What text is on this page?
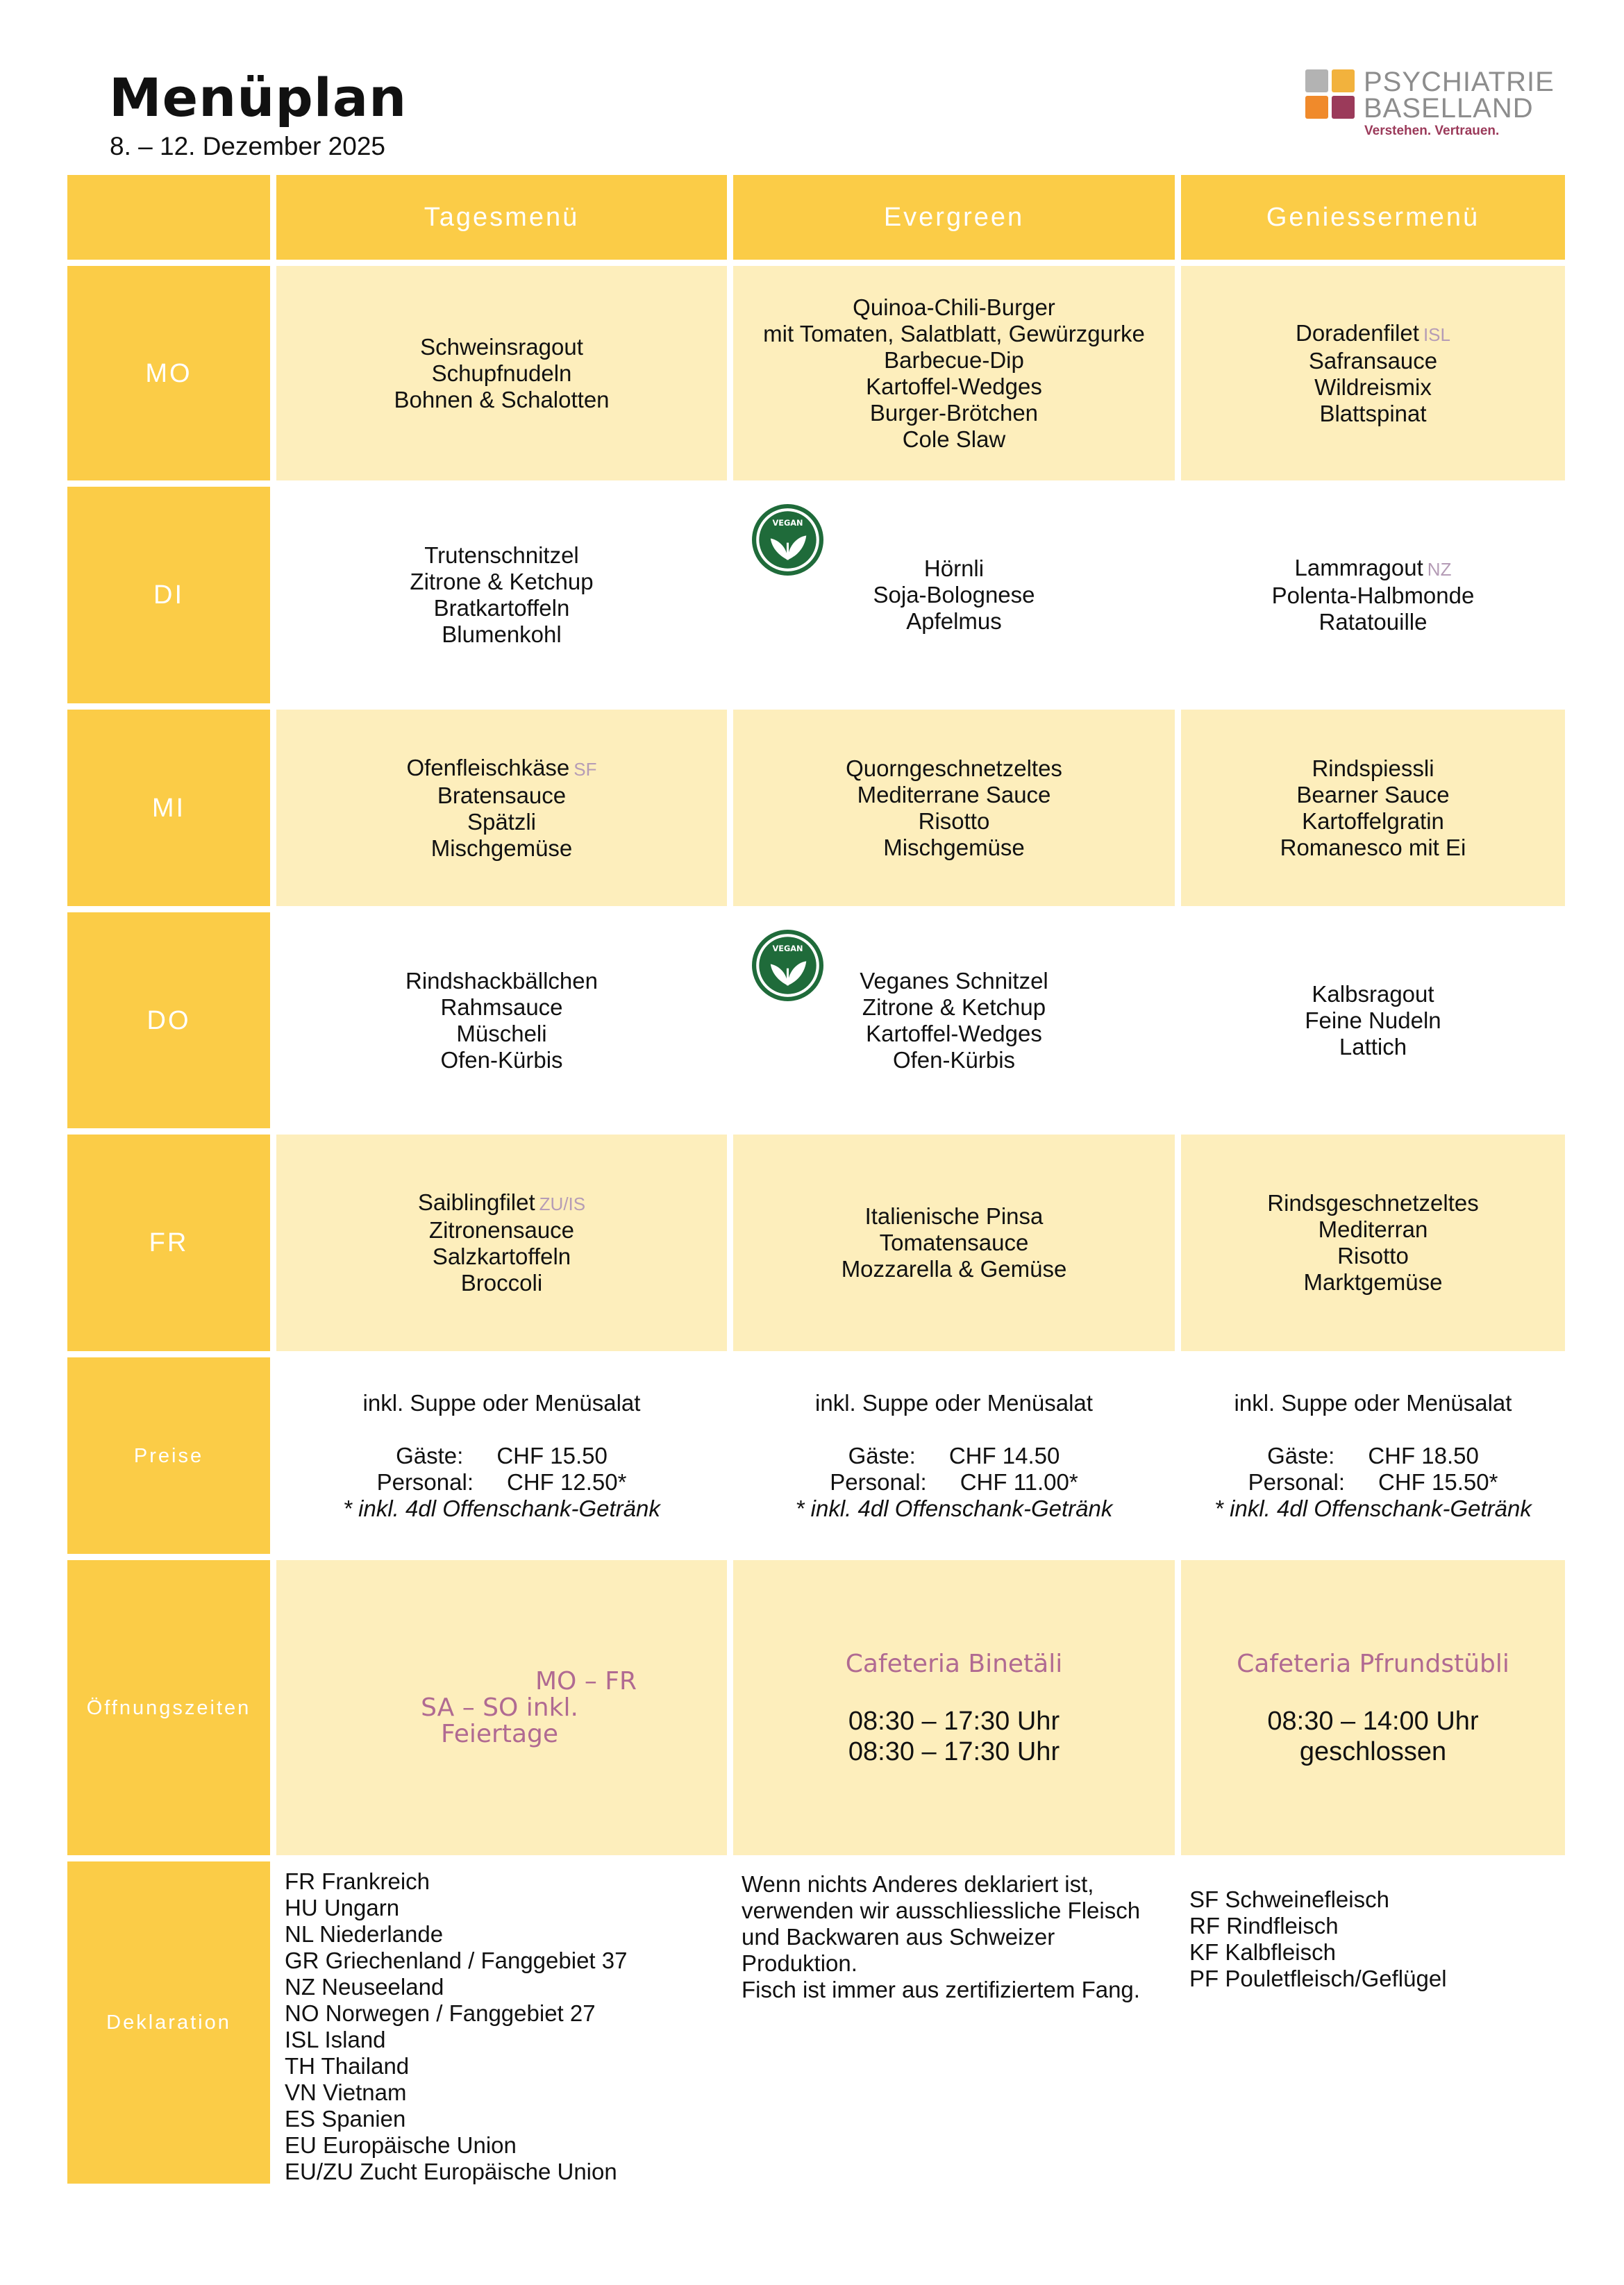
Menüplan
8. – 12. Dezember 2025
PSYCHIATRIE
BASELLAND
Verstehen. Vertrauen.
Tagesmenü	Evergreen	Geniessermenü
MO
Schweinsragout
Schupfnudeln
Bohnen & Schalotten
Quinoa-Chili-Burger
mit Tomaten, Salatblatt, Gewürzgurke
Barbecue-Dip
Kartoffel-Wedges
Burger-Brötchen
Cole Slaw
Doradenfilet ISL
Safransauce
Wildreismix
Blattspinat
DI
Trutenschnitzel
Zitrone & Ketchup
Bratkartoffeln
Blumenkohl
VEGAN
Hörnli
Soja-Bolognese
Apfelmus
Lammragout NZ
Polenta-Halbmonde
Ratatouille
MI
Ofenfleischkäse SF
Bratensauce
Spätzli
Mischgemüse
Quorngeschnetzeltes
Mediterrane Sauce
Risotto
Mischgemüse
Rindspiessli
Bearner Sauce
Kartoffelgratin
Romanesco mit Ei
DO
Rindshackbällchen
Rahmsauce
Müscheli
Ofen-Kürbis
VEGAN
Veganes Schnitzel
Zitrone & Ketchup
Kartoffel-Wedges
Ofen-Kürbis
Kalbsragout
Feine Nudeln
Lattich
FR
Saiblingfilet ZU/IS
Zitronensauce
Salzkartoffeln
Broccoli
Italienische Pinsa
Tomatensauce
Mozzarella & Gemüse
Rindsgeschnetzeltes
Mediterran
Risotto
Marktgemüse
Preise
inkl. Suppe oder Menüsalat
Gäste: CHF 15.50
Personal: CHF 12.50*
* inkl. 4dl Offenschank-Getränk
inkl. Suppe oder Menüsalat
Gäste: CHF 14.50
Personal: CHF 11.00*
* inkl. 4dl Offenschank-Getränk
inkl. Suppe oder Menüsalat
Gäste: CHF 18.50
Personal: CHF 15.50*
* inkl. 4dl Offenschank-Getränk
Öffnungszeiten
MO – FR
SA – SO inkl. Feiertage
Cafeteria Binetäli
08:30 – 17:30 Uhr
08:30 – 17:30 Uhr
Cafeteria Pfrundstübli
08:30 – 14:00 Uhr
geschlossen
Deklaration
FR Frankreich
HU Ungarn
NL Niederlande
GR Griechenland / Fanggebiet 37
NZ Neuseeland
NO Norwegen / Fanggebiet 27
ISL Island
TH Thailand
VN Vietnam
ES Spanien
EU Europäische Union
EU/ZU Zucht Europäische Union
Wenn nichts Anderes deklariert ist,
verwenden wir ausschliessliche Fleisch
und Backwaren aus Schweizer
Produktion.
Fisch ist immer aus zertifiziertem Fang.
SF Schweinefleisch
RF Rindfleisch
KF Kalbfleisch
PF Pouletfleisch/Geflügel
